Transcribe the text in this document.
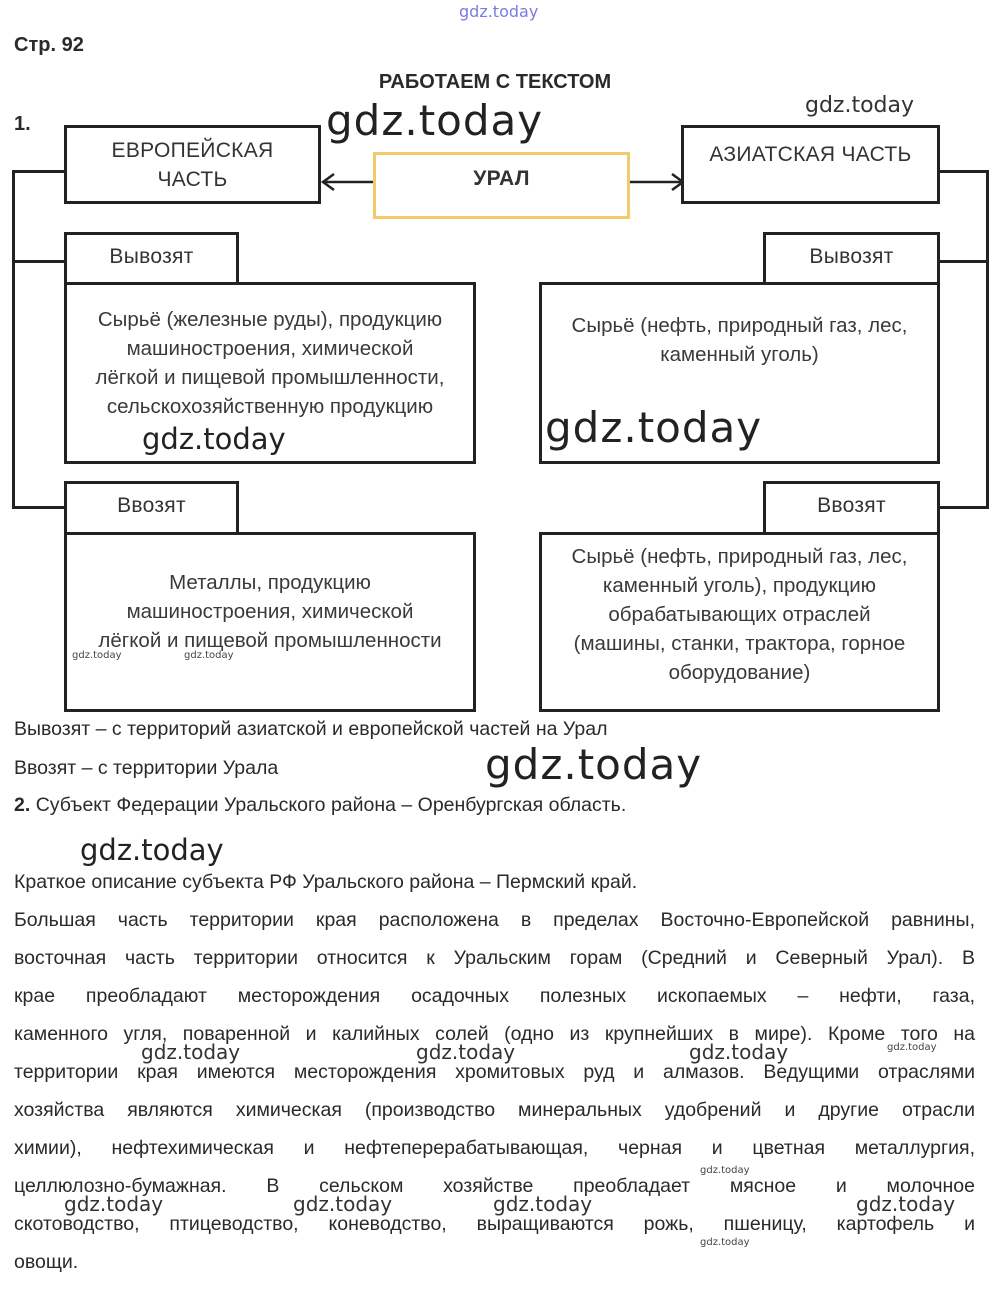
gdz.today
Стр. 92
РАБОТАЕМ С ТЕКСТОМ
1.
ЕВРОПЕЙСКАЯ
ЧАСТЬ	УРАЛ
АЗИАТСКАЯ ЧАСТЬ
Вывозят
Сырьё (железные руды), продукцию
машиностроения, химической
лёгкой и пищевой промышленности,
сельскохозяйственную продукцию
Вывозят
Сырьё (нефть, природный газ, лес,
каменный уголь)
Ввозят
Металлы, продукцию
машиностроения, химической
лёгкой и пищевой промышленности
Ввозят
Сырьё (нефть, природный газ, лес,
каменный уголь), продукцию
обрабатывающих отраслей
(машины, станки, трактора, горное
оборудование)
Вывозят – с территорий азиатской и европейской частей на Урал
Ввозят – с территории Урала
2. Субъект Федерации Уральского района – Оренбургская область.
Краткое описание субъекта РФ Уральского района – Пермский край.
Большая часть территории края расположена в пределах Восточно-Европейской равнины,
восточная часть территории относится к Уральским горам (Средний и Северный Урал). В
крае преобладают месторождения осадочных полезных ископаемых – нефти, газа,
каменного угля, поваренной и калийных солей (одно из крупнейших в мире). Кроме того на
территории края имеются месторождения хромитовых руд и алмазов. Ведущими отраслями
хозяйства являются химическая (производство минеральных удобрений и другие отрасли
химии), нефтехимическая и нефтеперерабатывающая, черная и цветная металлургия,
целлюлозно-бумажная. В сельском хозяйстве преобладает мясное и молочное
скотоводство, птицеводство, коневодство, выращиваются рожь, пшеницу, картофель и
овощи.
gdz.today	gdz.today
gdz.today	gdz.today
gdz.today	gdz.today
gdz.today
gdz.today
gdz.today	gdz.today	gdz.today	gdz.today
gdz.today
gdz.today	gdz.today	gdz.today	gdz.today
gdz.today
